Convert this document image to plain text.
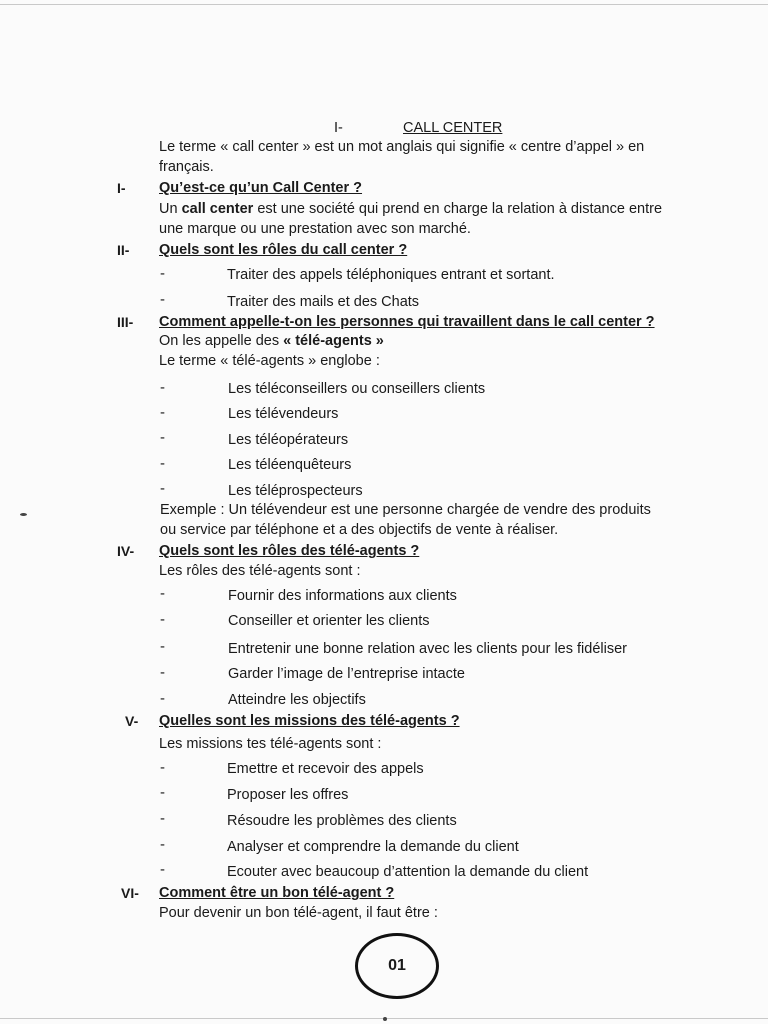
I-	CALL CENTER
Le terme « call center » est un mot anglais qui signifie « centre d’appel » en
français.
I- Qu’est-ce qu’un Call Center ?
Un call center est une société qui prend en charge la relation à distance entre
une marque ou une prestation avec son marché.
II- Quels sont les rôles du call center ?
-	Traiter des appels téléphoniques entrant et sortant.
-	Traiter des mails et des Chats
III- Comment appelle-t-on les personnes qui travaillent dans le call center ?
On les appelle des « télé-agents »
Le terme « télé-agents » englobe :
-	Les téléconseillers ou conseillers clients
-	Les télévendeurs
-	Les téléopérateurs
-	Les téléenquêteurs
-	Les téléprospecteurs
Exemple : Un télévendeur est une personne chargée de vendre des produits
ou service par téléphone et a des objectifs de vente à réaliser.
IV- Quels sont les rôles des télé-agents ?
Les rôles des télé-agents sont :
-	Fournir des informations aux clients
-	Conseiller et orienter les clients
-	Entretenir une bonne relation avec les clients pour les fidéliser
-	Garder l’image de l’entreprise intacte
-	Atteindre les objectifs
V- Quelles sont les missions des télé-agents ?
Les missions tes télé-agents sont :
-	Emettre et recevoir des appels
-	Proposer les offres
-	Résoudre les problèmes des clients
-	Analyser et comprendre la demande du client
-	Ecouter avec beaucoup d’attention la demande du client
VI- Comment être un bon télé-agent ?
Pour devenir un bon télé-agent, il faut être :
01
